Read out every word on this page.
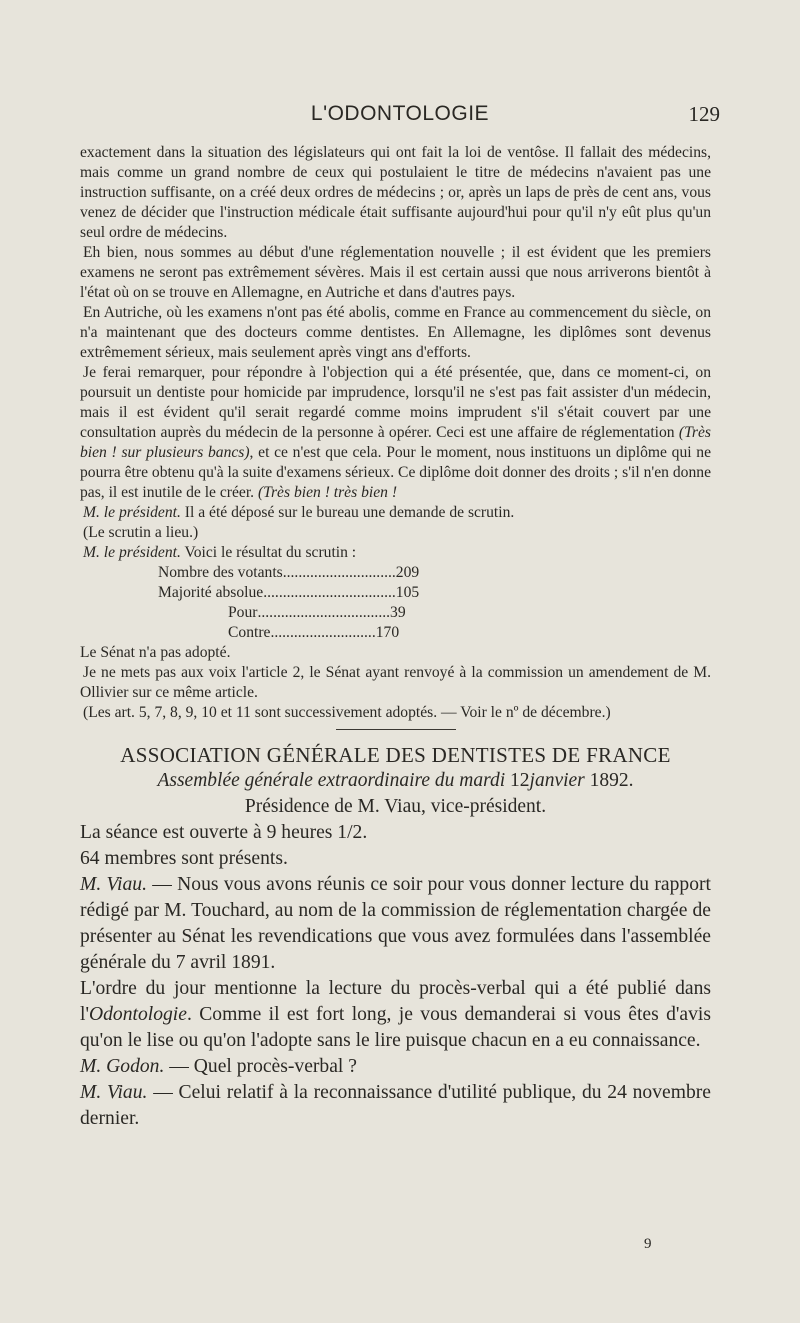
L'ODONTOLOGIE	129

exactement dans la situation des législateurs qui ont fait la loi de ventôse. Il fallait des médecins, mais comme un grand nombre de ceux qui postulaient le titre de médecins n'avaient pas une instruction suffisante, on a créé deux ordres de médecins ; or, après un laps de près de cent ans, vous venez de décider que l'instruction médicale était suffisante aujourd'hui pour qu'il n'y eût plus qu'un seul ordre de médecins.

Eh bien, nous sommes au début d'une réglementation nouvelle ; il est évident que les premiers examens ne seront pas extrêmement sévères. Mais il est certain aussi que nous arriverons bientôt à l'état où on se trouve en Allemagne, en Autriche et dans d'autres pays.

En Autriche, où les examens n'ont pas été abolis, comme en France au commencement du siècle, on n'a maintenant que des docteurs comme dentistes. En Allemagne, les diplômes sont devenus extrêmement sérieux, mais seulement après vingt ans d'efforts.

Je ferai remarquer, pour répondre à l'objection qui a été présentée, que, dans ce moment-ci, on poursuit un dentiste pour homicide par imprudence, lorsqu'il ne s'est pas fait assister d'un médecin, mais il est évident qu'il serait regardé comme moins imprudent s'il s'était couvert par une consultation auprès du médecin de la personne à opérer. Ceci est une affaire de réglementation (Très bien ! sur plusieurs bancs), et ce n'est que cela. Pour le moment, nous instituons un diplôme qui ne pourra être obtenu qu'à la suite d'examens sérieux. Ce diplôme doit donner des droits ; s'il n'en donne pas, il est inutile de le créer. (Très bien ! très bien !

M. le président. Il a été déposé sur le bureau une demande de scrutin.

(Le scrutin a lieu.)

M. le président. Voici le résultat du scrutin :

Nombre des votants.............................209

Majorité absolue..................................105

Pour..................................39

Contre...........................170

Le Sénat n'a pas adopté.

Je ne mets pas aux voix l'article 2, le Sénat ayant renvoyé à la commission un amendement de M. Ollivier sur ce même article.

(Les art. 5, 7, 8, 9, 10 et 11 sont successivement adoptés. — Voir le nº de décembre.)

ASSOCIATION GÉNÉRALE DES DENTISTES DE FRANCE

Assemblée générale extraordinaire du mardi 12janvier 1892.

Présidence de M. Viau, vice-président.

La séance est ouverte à 9 heures 1/2.

64 membres sont présents.

M. Viau. — Nous vous avons réunis ce soir pour vous donner lecture du rapport rédigé par M. Touchard, au nom de la commission de réglementation chargée de présenter au Sénat les revendications que vous avez formulées dans l'assemblée générale du 7 avril 1891.

L'ordre du jour mentionne la lecture du procès-verbal qui a été publié dans l'Odontologie. Comme il est fort long, je vous demanderai si vous êtes d'avis qu'on le lise ou qu'on l'adopte sans le lire puisque chacun en a eu connaissance.

M. Godon. — Quel procès-verbal ?

M. Viau. — Celui relatif à la reconnaissance d'utilité publique, du 24 novembre dernier.

9
